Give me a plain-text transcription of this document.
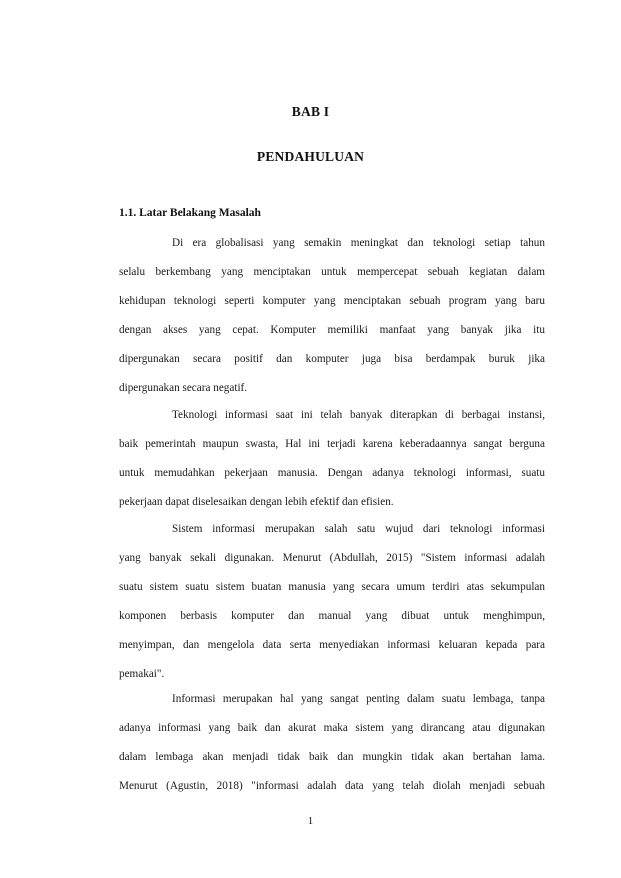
BAB I
PENDAHULUAN
1.1. Latar Belakang Masalah
Di era globalisasi yang semakin meningkat dan teknologi setiap tahun
selalu berkembang yang menciptakan untuk mempercepat sebuah kegiatan dalam
kehidupan teknologi seperti komputer yang menciptakan sebuah program yang baru
dengan akses yang cepat. Komputer memiliki manfaat yang banyak jika itu
dipergunakan secara positif dan komputer juga bisa berdampak buruk jika
dipergunakan secara negatif.
Teknologi informasi saat ini telah banyak diterapkan di berbagai instansi,
baik pemerintah maupun swasta, Hal ini terjadi karena keberadaannya sangat berguna
untuk memudahkan pekerjaan manusia. Dengan adanya teknologi informasi, suatu
pekerjaan dapat diselesaikan dengan lebih efektif dan efisien.
Sistem informasi merupakan salah satu wujud dari teknologi informasi
yang banyak sekali digunakan. Menurut (Abdullah, 2015) "Sistem informasi adalah
suatu sistem suatu sistem buatan manusia yang secara umum terdiri atas sekumpulan
komponen berbasis komputer dan manual yang dibuat untuk menghimpun,
menyimpan, dan mengelola data serta menyediakan informasi keluaran kepada para
pemakai".
Informasi merupakan hal yang sangat penting dalam suatu lembaga, tanpa
adanya informasi yang baik dan akurat maka sistem yang dirancang atau digunakan
dalam lembaga akan menjadi tidak baik dan mungkin tidak akan bertahan lama.
Menurut (Agustin, 2018) "informasi adalah data yang telah diolah menjadi sebuah
1
